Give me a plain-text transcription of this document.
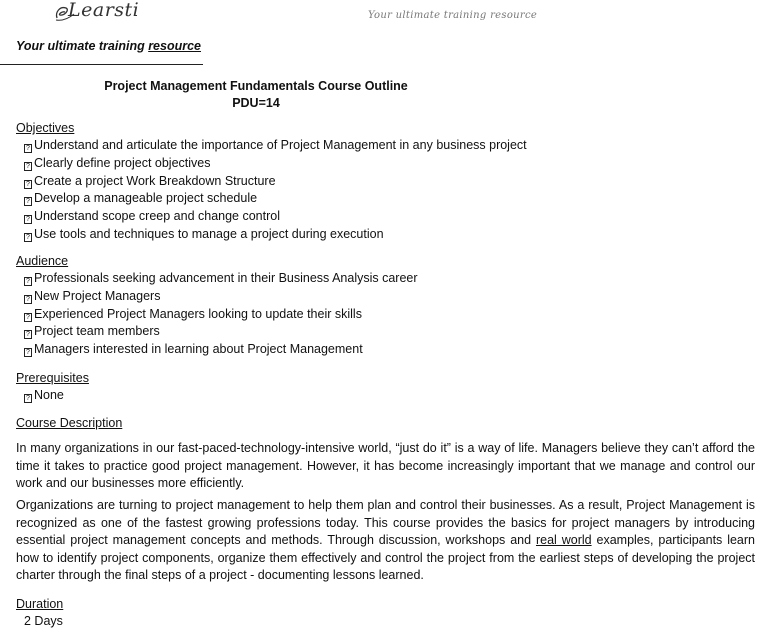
Learsti	Your ultimate training resource
Your ultimate training resource
Project Management Fundamentals Course Outline
PDU=14
Objectives
? Understand and articulate the importance of Project Management in any business project
? Clearly define project objectives
? Create a project Work Breakdown Structure
? Develop a manageable project schedule
? Understand scope creep and change control
? Use tools and techniques to manage a project during execution
Audience
? Professionals seeking advancement in their Business Analysis career
? New Project Managers
? Experienced Project Managers looking to update their skills
? Project team members
? Managers interested in learning about Project Management
Prerequisites
? None
Course Description

In many organizations in our fast-paced-technology-intensive world, “just do it” is a way of life. Managers believe they can’t afford the time it takes to practice good project management. However, it has become increasingly important that we manage and control our work and our businesses more efficiently.

Organizations are turning to project management to help them plan and control their businesses. As a result, Project Management is recognized as one of the fastest growing professions today. This course provides the basics for project managers by introducing essential project management concepts and methods. Through discussion, workshops and real world examples, participants learn how to identify project components, organize them effectively and control the project from the earliest steps of developing the project charter through the final steps of a project - documenting lessons learned.

Duration
2 Days
